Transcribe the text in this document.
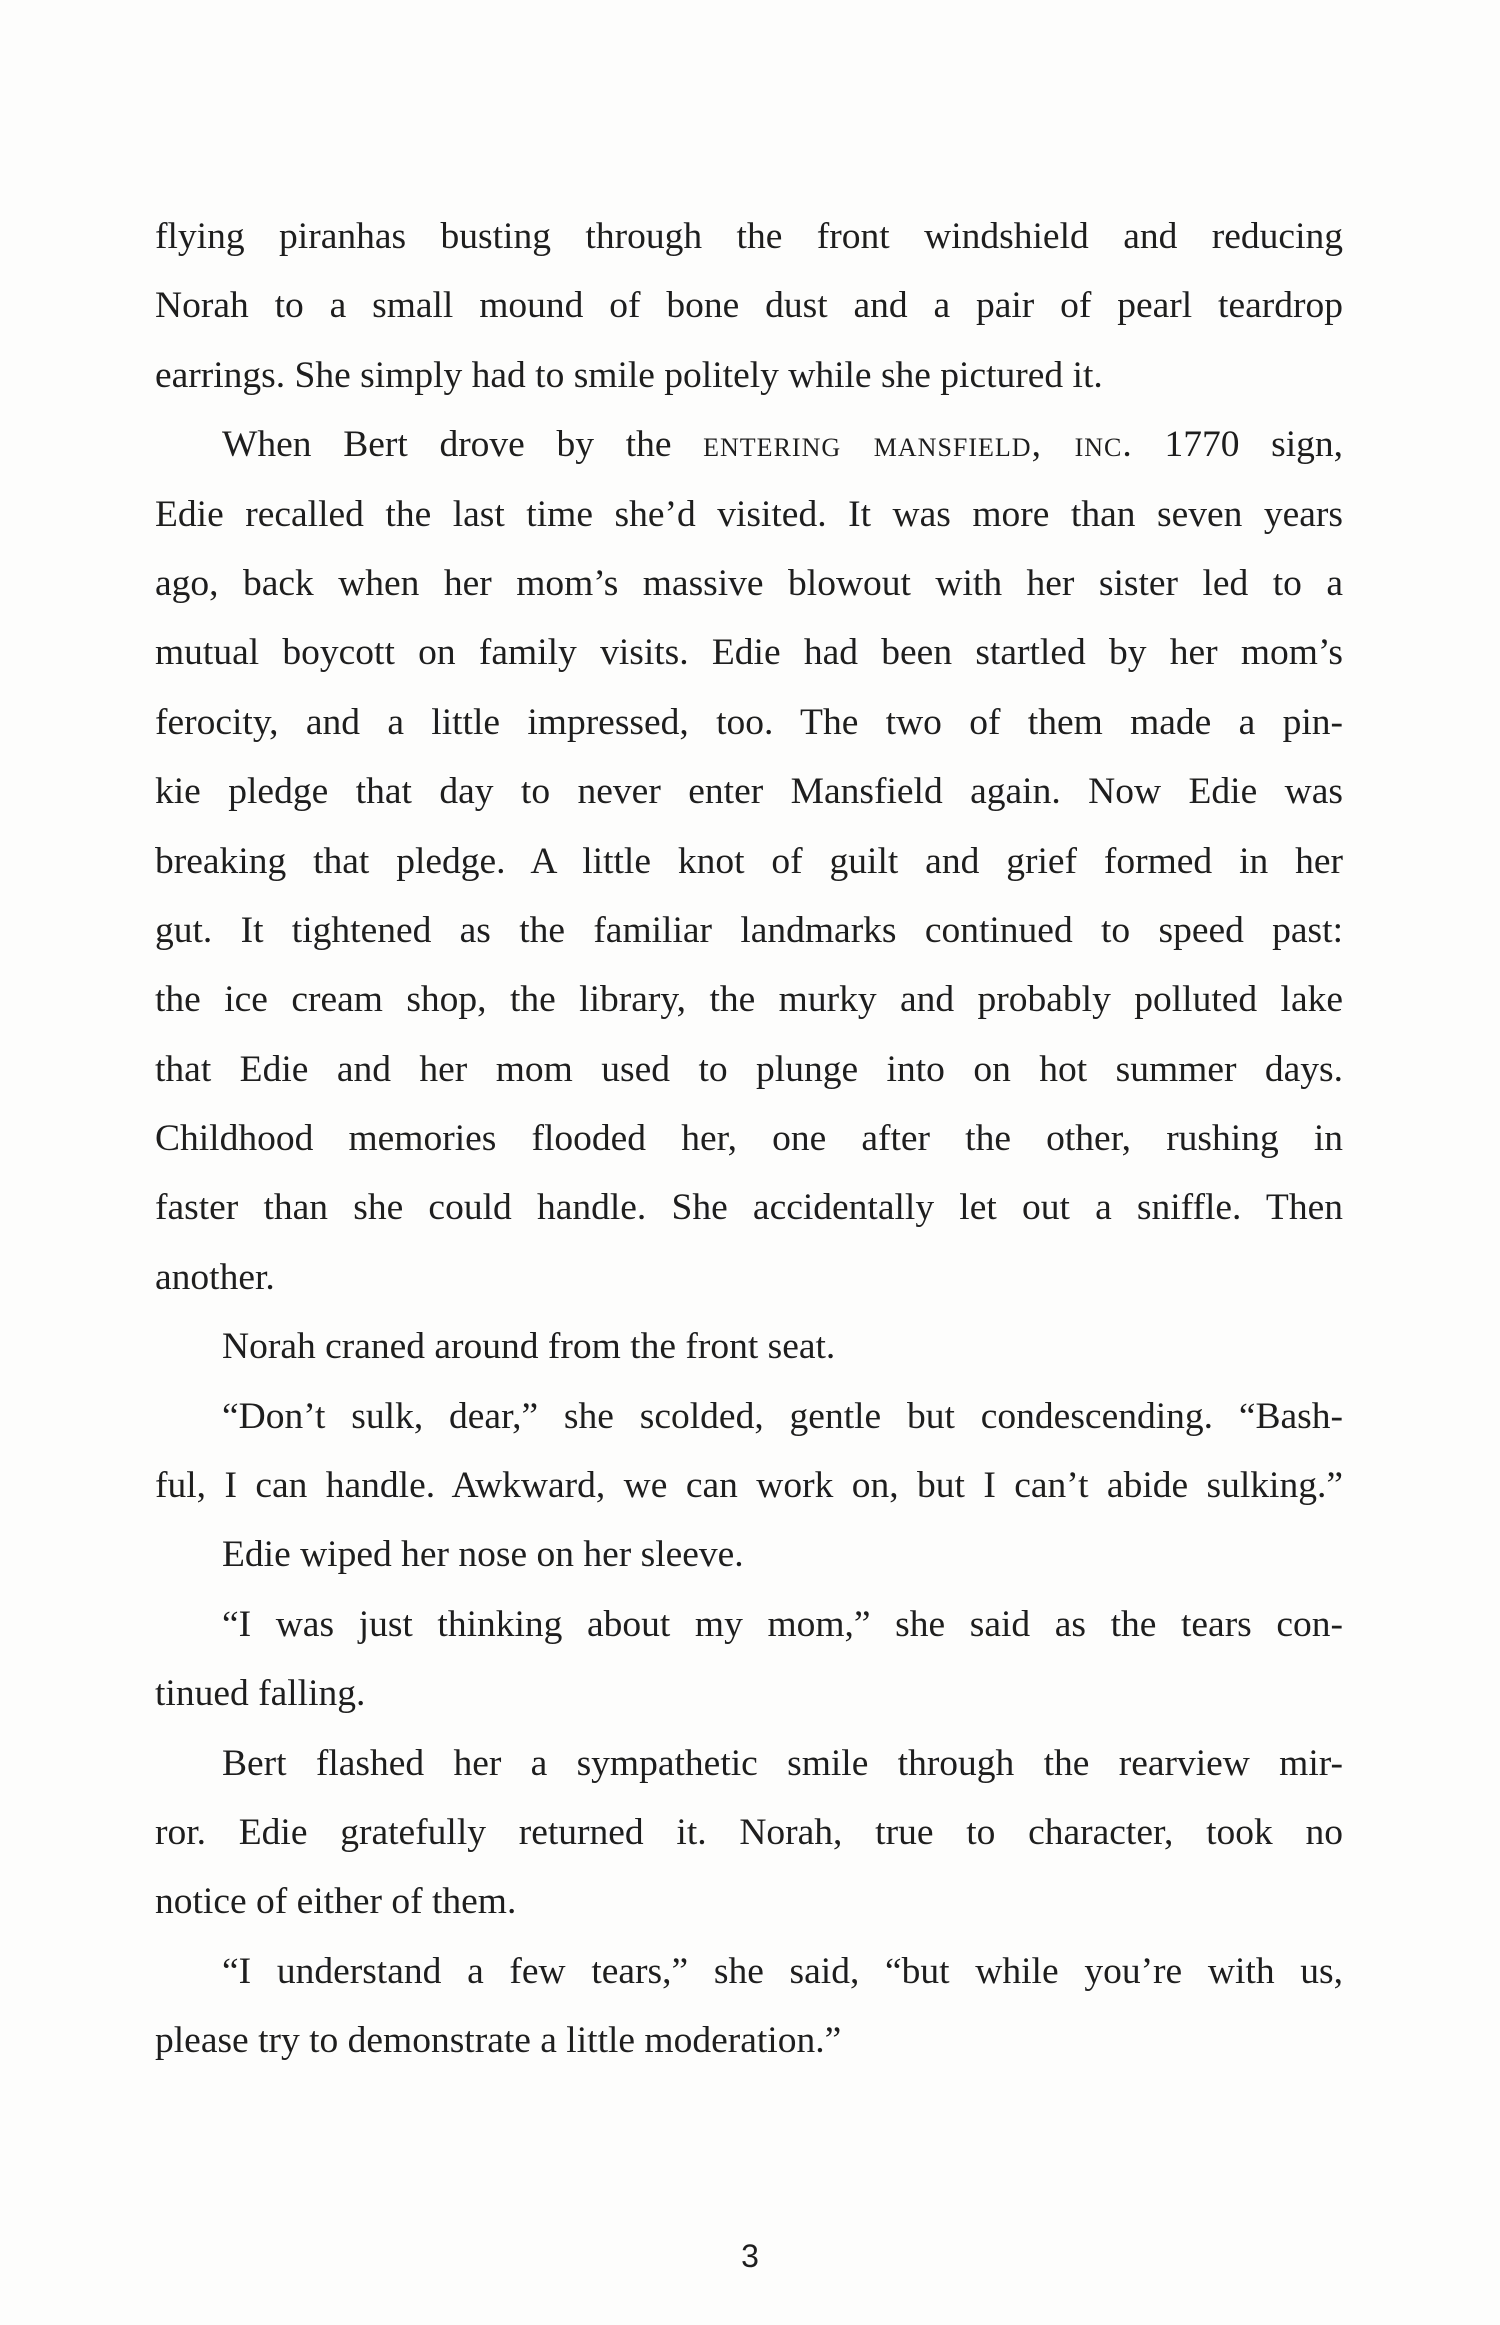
flying piranhas busting through the front windshield and reducing
Norah to a small mound of bone dust and a pair of pearl teardrop
earrings. She simply had to smile politely while she pictured it.
When Bert drove by the entering mansfield, inc. 1770 sign,
Edie recalled the last time she’d visited. It was more than seven years
ago, back when her mom’s massive blowout with her sister led to a
mutual boycott on family visits. Edie had been startled by her mom’s
ferocity, and a little impressed, too. The two of them made a pin-
kie pledge that day to never enter Mansfield again. Now Edie was
breaking that pledge. A little knot of guilt and grief formed in her
gut. It tightened as the familiar landmarks continued to speed past:
the ice cream shop, the library, the murky and probably polluted lake
that Edie and her mom used to plunge into on hot summer days.
Childhood memories flooded her, one after the other, rushing in
faster than she could handle. She accidentally let out a sniffle. Then
another.
Norah craned around from the front seat.
“Don’t sulk, dear,” she scolded, gentle but condescending. “Bash-
ful, I can handle. Awkward, we can work on, but I can’t abide sulking.”
Edie wiped her nose on her sleeve.
“I was just thinking about my mom,” she said as the tears con-
tinued falling.
Bert flashed her a sympathetic smile through the rearview mir-
ror. Edie gratefully returned it. Norah, true to character, took no
notice of either of them.
“I understand a few tears,” she said, “but while you’re with us,
please try to demonstrate a little moderation.”
3
